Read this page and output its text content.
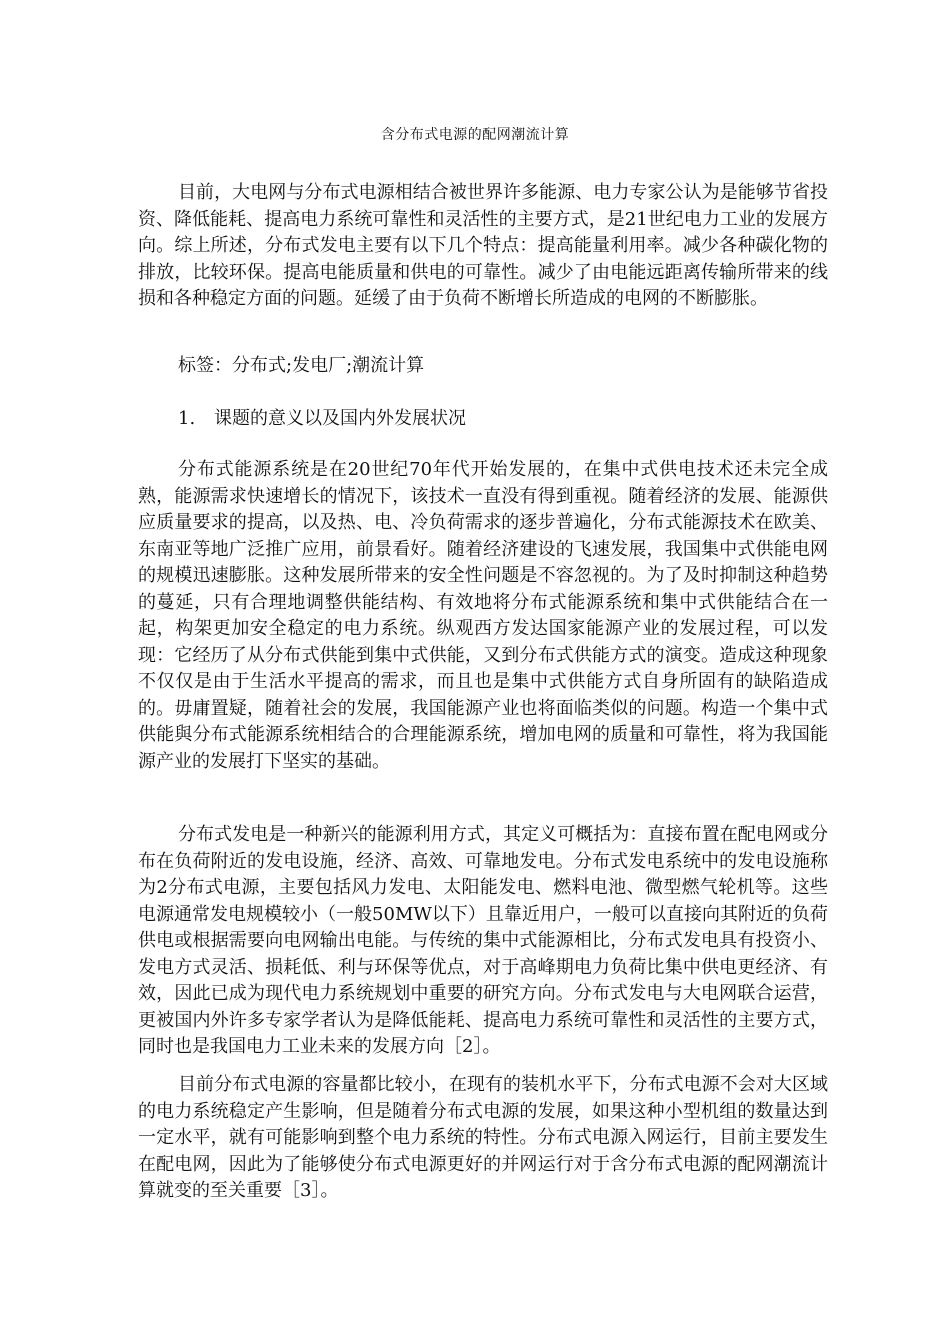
含分布式电源的配网潮流计算

目前，大电网与分布式电源相结合被世界许多能源、电力专家公认为是能够节省投资、降低能耗、提高电力系统可靠性和灵活性的主要方式，是21世纪电力工业的发展方向。综上所述，分布式发电主要有以下几个特点：提高能量利用率。减少各种碳化物的排放，比较环保。提高电能质量和供电的可靠性。减少了由电能远距离传输所带来的线损和各种稳定方面的问题。延缓了由于负荷不断增长所造成的电网的不断膨胀。

标签：分布式;发电厂;潮流计算

1. 课题的意义以及国内外发展状况

分布式能源系统是在20世纪70年代开始发展的，在集中式供电技术还未完全成熟，能源需求快速增长的情况下，该技术一直没有得到重视。随着经济的发展、能源供应质量要求的提高，以及热、电、冷负荷需求的逐步普遍化，分布式能源技术在欧美、东南亚等地广泛推广应用，前景看好。随着经济建设的飞速发展，我国集中式供能电网的规模迅速膨胀。这种发展所带来的安全性问题是不容忽视的。为了及时抑制这种趋势的蔓延，只有合理地调整供能结构、有效地将分布式能源系统和集中式供能结合在一起，构架更加安全稳定的电力系统。纵观西方发达国家能源产业的发展过程，可以发现：它经历了从分布式供能到集中式供能，又到分布式供能方式的演变。造成这种现象不仅仅是由于生活水平提高的需求，而且也是集中式供能方式自身所固有的缺陷造成的。毋庸置疑，随着社会的发展，我国能源产业也将面临类似的问题。构造一个集中式供能與分布式能源系统相结合的合理能源系统，增加电网的质量和可靠性，将为我国能源产业的发展打下坚实的基础。

分布式发电是一种新兴的能源利用方式，其定义可概括为：直接布置在配电网或分布在负荷附近的发电设施，经济、高效、可靠地发电。分布式发电系统中的发电设施称为2分布式电源，主要包括风力发电、太阳能发电、燃料电池、微型燃气轮机等。这些电源通常发电规模较小（一般50MW以下）且靠近用户，一般可以直接向其附近的负荷供电或根据需要向电网输出电能。与传统的集中式能源相比，分布式发电具有投资小、发电方式灵活、损耗低、利与环保等优点，对于高峰期电力负荷比集中供电更经济、有效，因此已成为现代电力系统规划中重要的研究方向。分布式发电与大电网联合运营，更被国内外许多专家学者认为是降低能耗、提高电力系统可靠性和灵活性的主要方式，同时也是我国电力工业未来的发展方向［2］。

目前分布式电源的容量都比较小，在现有的装机水平下，分布式电源不会对大区域的电力系统稳定产生影响，但是随着分布式电源的发展，如果这种小型机组的数量达到一定水平，就有可能影响到整个电力系统的特性。分布式电源入网运行，目前主要发生在配电网，因此为了能够使分布式电源更好的并网运行对于含分布式电源的配网潮流计算就变的至关重要［3］。
